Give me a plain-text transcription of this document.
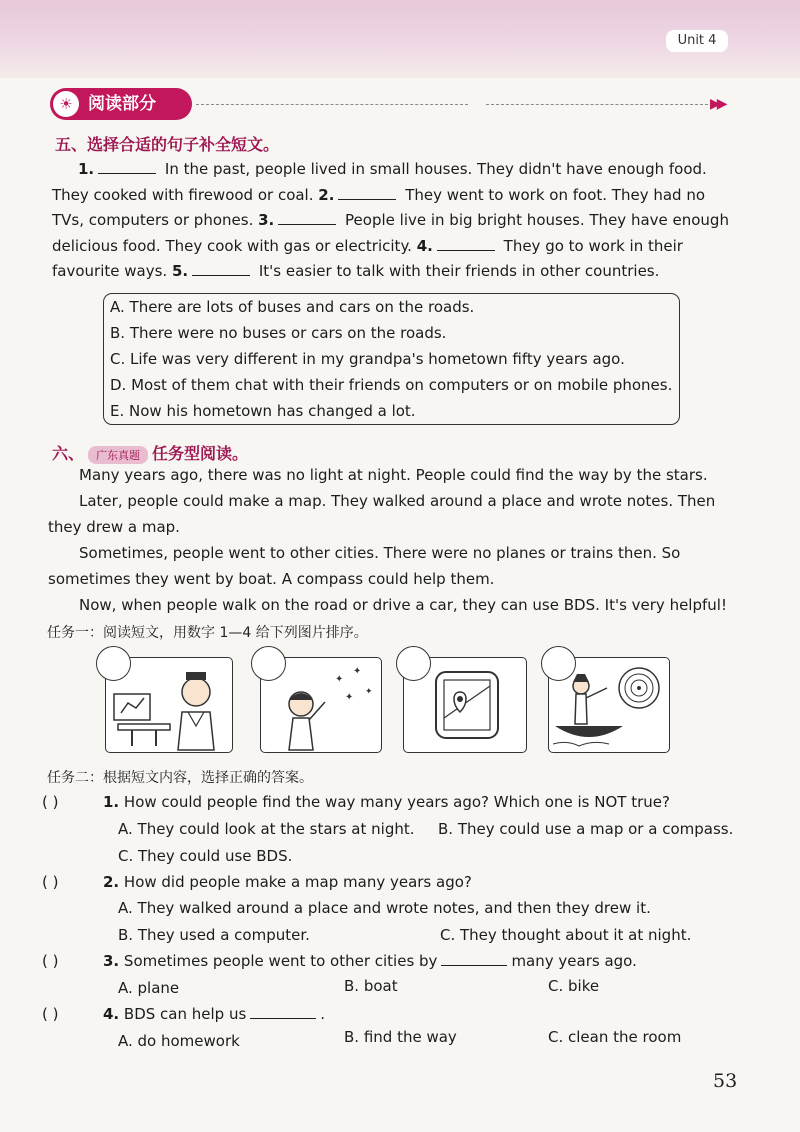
Unit 4
☀ 阅读部分	▶▶
五、选择合适的句子补全短文。

1.	In the past, people lived in small houses. They didn't have enough food.
They cooked with firewood or coal. 2.	They went to work on foot. They had no
TVs, computers or phones. 3.	People live in big bright houses. They have enough
delicious food. They cook with gas or electricity. 4.	They go to work in their
favourite ways. 5.	It's easier to talk with their friends in other countries.

A. There are lots of buses and cars on the roads.
B. There were no buses or cars on the roads.
C. Life was very different in my grandpa's hometown fifty years ago.
D. Most of them chat with their friends on computers or on mobile phones.
E. Now his hometown has changed a lot.
六、 广东真题 任务型阅读。

Many years ago, there was no light at night. People could find the way by the stars.

Later, people could make a map. They walked around a place and wrote notes. Then

they drew a map.

Sometimes, people went to other cities. There were no planes or trains then. So

sometimes they went by boat. A compass could help them.

Now, when people walk on the road or drive a car, they can use BDS. It's very helpful!

任务一：阅读短文，用数字 1—4 给下列图片排序。
✦
✦
✦ ✦
任务二：根据短文内容，选择正确的答案。
( )	1. How could people find the way many years ago? Which one is NOT true?
A. They could look at the stars at night. B. They could use a map or a compass.
C. They could use BDS.
( )	2. How did people make a map many years ago?
A. They walked around a place and wrote notes, and then they drew it.
B. They used a computer.	C. They thought about it at night.
( )	3. Sometimes people went to other cities by	many years ago.
A. plane	B. boat	C. bike
( )	4. BDS can help us	.
A. do homework	B. find the way	C. clean the room
53
